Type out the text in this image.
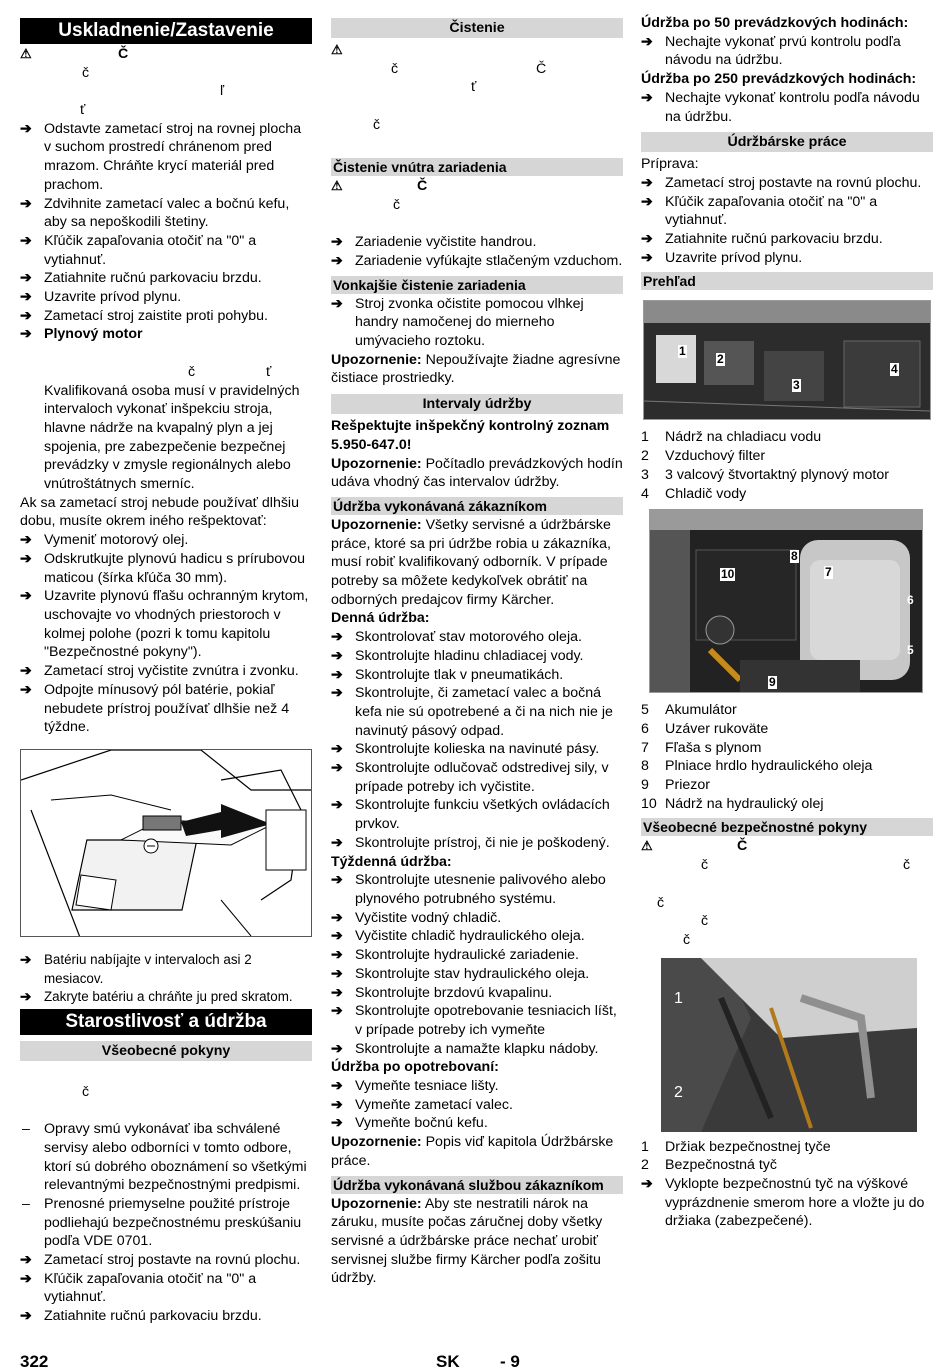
Uskladnenie/Zastavenie
⚠	Č
č
ľ
ť
➔ Odstavte zametací stroj na rovnej plocha v suchom prostredí chránenom pred mrazom. Chráňte krycí materiál pred prachom.
➔ Zdvihnite zametací valec a bočnú kefu, aby sa nepoškodili štetiny.
➔ Kľúčik zapaľovania otočiť na "0" a vytiahnuť.
➔ Zatiahnite ručnú parkovaciu brzdu.
➔ Uzavrite prívod plynu.
➔ Zametací stroj zaistite proti pohybu.
➔ Plynový motor
č	ť
Kvalifikovaná osoba musí v pravidelných intervaloch vykonať inšpekciu stroja, hlavne nádrže na kvapalný plyn a jej spojenia, pre zabezpečenie bezpečnej prevádzky v zmysle regionálnych alebo vnútroštátnych smerníc.
Ak sa zametací stroj nebude používať dlhšiu dobu, musíte okrem iného rešpektovať:
➔ Vymeniť motorový olej.
➔ Odskrutkujte plynovú hadicu s prírubovou maticou (šírka kľúča 30 mm).
➔ Uzavrite plynovú fľašu ochranným krytom, uschovajte vo vhodných priestoroch v kolmej polohe (pozri k tomu kapitolu "Bezpečnostné pokyny").
➔ Zametací stroj vyčistite zvnútra i zvonku.
➔ Odpojte mínusový pól batérie, pokiaľ nebudete prístroj používať dlhšie než 4 týždne.
➔ Batériu nabíjajte v intervaloch asi 2 mesiacov.
➔ Zakryte batériu a chráňte ju pred skratom.
Starostlivosť a údržba
Všeobecné pokyny
č
– Opravy smú vykonávať iba schválené servisy alebo odborníci v tomto odbore, ktorí sú dobrého oboznámení so všetkými relevantnými bezpečnostnými predpismi.
– Prenosné priemyselne použité prístroje podliehajú bezpečnostnému preskúšaniu podľa VDE 0701.
➔ Zametací stroj postavte na rovnú plochu.
➔ Kľúčik zapaľovania otočiť na "0" a vytiahnuť.
➔ Zatiahnite ručnú parkovaciu brzdu.
Čistenie
⚠
č	Č
ť
č
Čistenie vnútra zariadenia
⚠	Č
č
➔ Zariadenie vyčistite handrou.
➔ Zariadenie vyfúkajte stlačeným vzduchom.
Vonkajšie čistenie zariadenia
➔ Stroj zvonka očistite pomocou vlhkej handry namočenej do mierneho umývacieho roztoku.
Upozornenie: Nepoužívajte žiadne agresívne čistiace prostriedky.
Intervaly údržby
Rešpektujte inšpekčný kontrolný zoznam 5.950-647.0!
Upozornenie: Počítadlo prevádzkových hodín udáva vhodný čas intervalov údržby.
Údržba vykonávaná zákazníkom
Upozornenie: Všetky servisné a údržbárske práce, ktoré sa pri údržbe robia u zákazníka, musí robiť kvalifikovaný odborník. V prípade potreby sa môžete kedykoľvek obrátiť na odborných predajcov firmy Kärcher.
Denná údržba:
➔ Skontrolovať stav motorového oleja.
➔ Skontrolujte hladinu chladiacej vody.
➔ Skontrolujte tlak v pneumatikách.
➔ Skontrolujte, či zametací valec a bočná kefa nie sú opotrebené a či na nich nie je navinutý pásový odpad.
➔ Skontrolujte kolieska na navinuté pásy.
➔ Skontrolujte odlučovač odstredivej sily, v prípade potreby ich vyčistite.
➔ Skontrolujte funkciu všetkých ovládacích prvkov.
➔ Skontrolujte prístroj, či nie je poškodený.
Týždenná údržba:
➔ Skontrolujte utesnenie palivového alebo plynového potrubného systému.
➔ Vyčistite vodný chladič.
➔ Vyčistite chladič hydraulického oleja.
➔ Skontrolujte hydraulické zariadenie.
➔ Skontrolujte stav hydraulického oleja.
➔ Skontrolujte brzdovú kvapalinu.
➔ Skontrolujte opotrebovanie tesniacich líšt, v prípade potreby ich vymeňte
➔ Skontrolujte a namažte klapku nádoby.
Údržba po opotrebovaní:
➔ Vymeňte tesniace lišty.
➔ Vymeňte zametací valec.
➔ Vymeňte bočnú kefu.
Upozornenie: Popis viď kapitola Údržbárske práce.
Údržba vykonávaná službou zákazníkom
Upozornenie: Aby ste nestratili nárok na záruku, musíte počas záručnej doby všetky servisné a údržbárske práce nechať urobiť servisnej službe firmy Kärcher podľa zošitu údržby.
Údržba po 50 prevádzkových hodinách:
➔ Nechajte vykonať prvú kontrolu podľa návodu na údržbu.
Údržba po 250 prevádzkových hodinách:
➔ Nechajte vykonať kontrolu podľa návodu na údržbu.
Údržbárske práce
Príprava:
➔ Zametací stroj postavte na rovnú plochu.
➔ Kľúčik zapaľovania otočiť na "0" a vytiahnuť.
➔ Zatiahnite ručnú parkovaciu brzdu.
➔ Uzavrite prívod plynu.
Prehľad
1
2
3
4
1	Nádrž na chladiacu vodu
2	Vzduchový filter
3	3 valcový štvortaktný plynový motor
4	Chladič vody
10
8
7
6
5
9
5	Akumulátor
6	Uzáver rukoväte
7	Fľaša s plynom
8	Plniace hrdlo hydraulického oleja
9	Priezor
10 Nádrž na hydraulický olej
Všeobecné bezpečnostné pokyny
⚠	Č
č	č
č
č
č
1
2
1	Držiak bezpečnostnej tyče
2	Bezpečnostná tyč
➔ Vyklopte bezpečnostnú tyč na výškové vyprázdnenie smerom hore a vložte ju do držiaka (zabezpečené).
322	SK - 9
